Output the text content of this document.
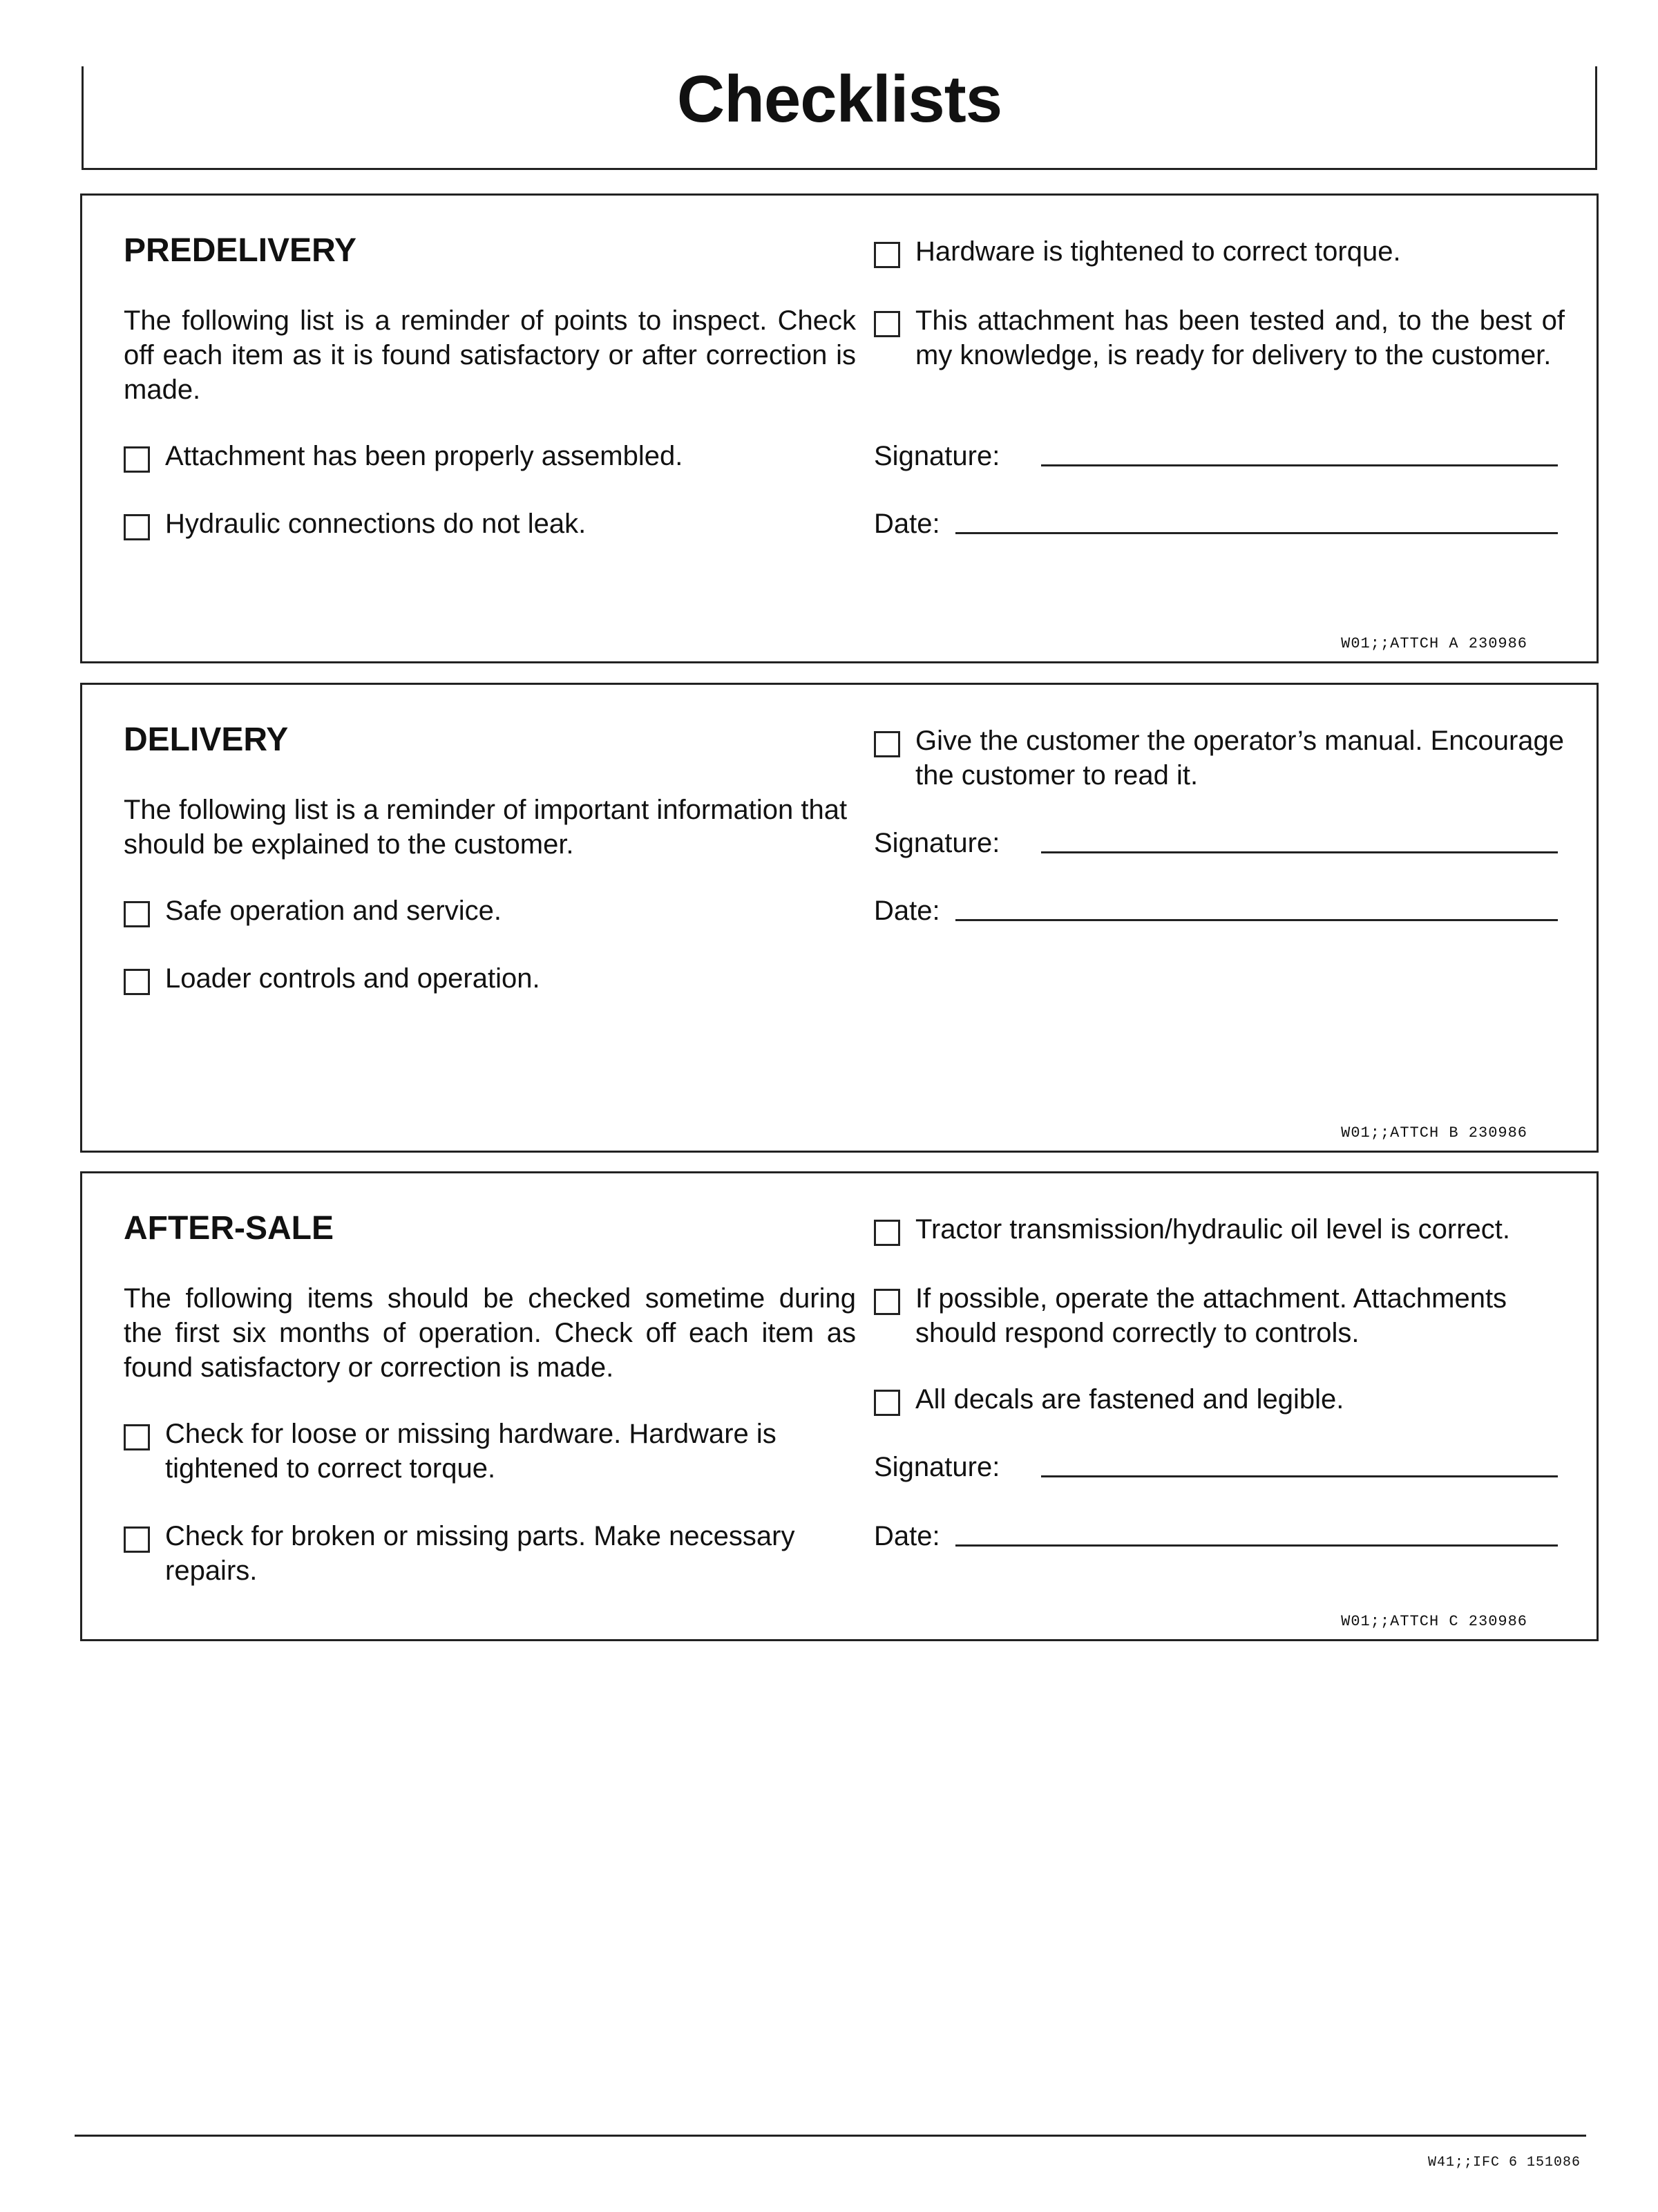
Checklists
PREDELIVERY
The following list is a reminder of points to inspect. Check off each item as it is found satisfactory or after correction is made.
Attachment has been properly assembled.
Hydraulic connections do not leak.
Hardware is tightened to correct torque.
This attachment has been tested and, to the best of my knowledge, is ready for delivery to the customer.
Signature:
Date:
W01;;ATTCH A 230986
DELIVERY
The following list is a reminder of important information that should be explained to the customer.
Safe operation and service.
Loader controls and operation.
Give the customer the operator’s manual. Encourage the customer to read it.
Signature:
Date:
W01;;ATTCH B 230986
AFTER-SALE
The following items should be checked sometime during the first six months of operation. Check off each item as found satisfactory or correction is made.
Check for loose or missing hardware. Hardware is tightened to correct torque.
Check for broken or missing parts. Make necessary repairs.
Tractor transmission/hydraulic oil level is correct.
If possible, operate the attachment. Attachments should respond correctly to controls.
All decals are fastened and legible.
Signature:
Date:
W01;;ATTCH C 230986
W41;;IFC 6 151086
